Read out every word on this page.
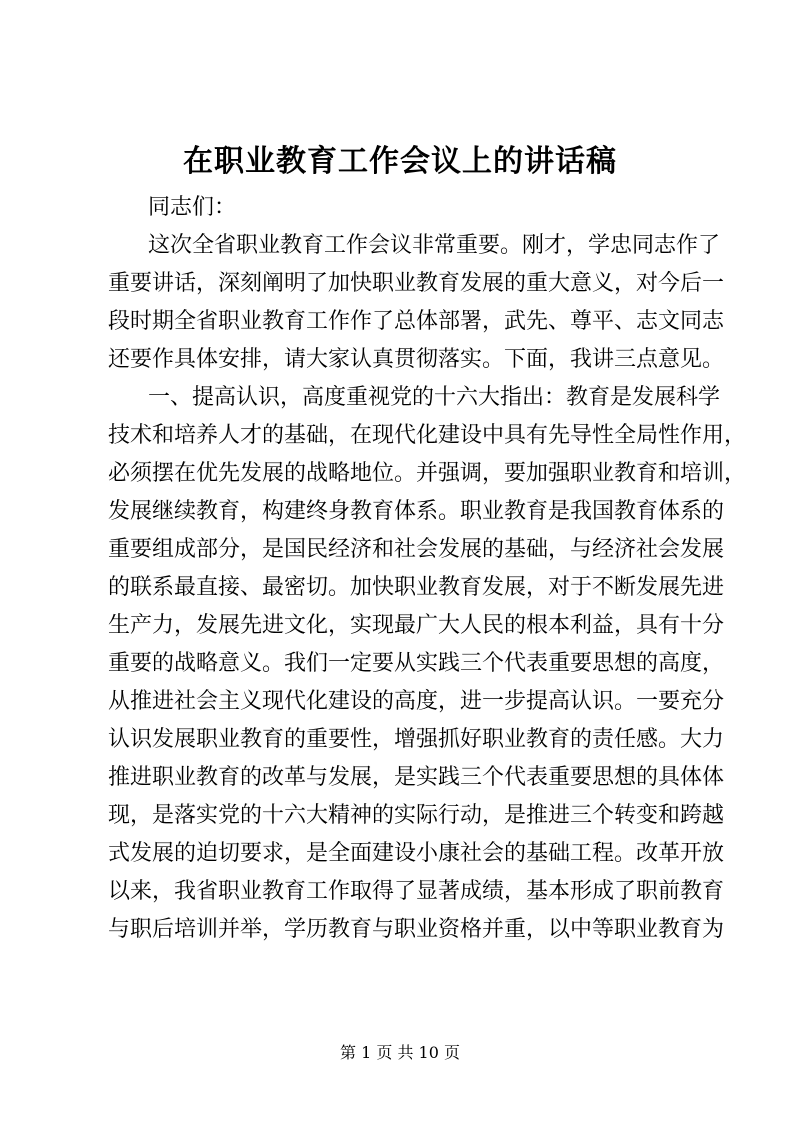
在职业教育工作会议上的讲话稿
同志们：
这次全省职业教育工作会议非常重要。刚才，学忠同志作了
重要讲话，深刻阐明了加快职业教育发展的重大意义，对今后一
段时期全省职业教育工作作了总体部署，武先、尊平、志文同志
还要作具体安排，请大家认真贯彻落实。下面，我讲三点意见。
一、提高认识，高度重视党的十六大指出：教育是发展科学
技术和培养人才的基础，在现代化建设中具有先导性全局性作用，
必须摆在优先发展的战略地位。并强调，要加强职业教育和培训，
发展继续教育，构建终身教育体系。职业教育是我国教育体系的
重要组成部分，是国民经济和社会发展的基础，与经济社会发展
的联系最直接、最密切。加快职业教育发展，对于不断发展先进
生产力，发展先进文化，实现最广大人民的根本利益，具有十分
重要的战略意义。我们一定要从实践三个代表重要思想的高度，
从推进社会主义现代化建设的高度，进一步提高认识。一要充分
认识发展职业教育的重要性，增强抓好职业教育的责任感。大力
推进职业教育的改革与发展，是实践三个代表重要思想的具体体
现，是落实党的十六大精神的实际行动，是推进三个转变和跨越
式发展的迫切要求，是全面建设小康社会的基础工程。改革开放
以来，我省职业教育工作取得了显著成绩，基本形成了职前教育
与职后培训并举，学历教育与职业资格并重，以中等职业教育为
第 1 页 共 10 页
